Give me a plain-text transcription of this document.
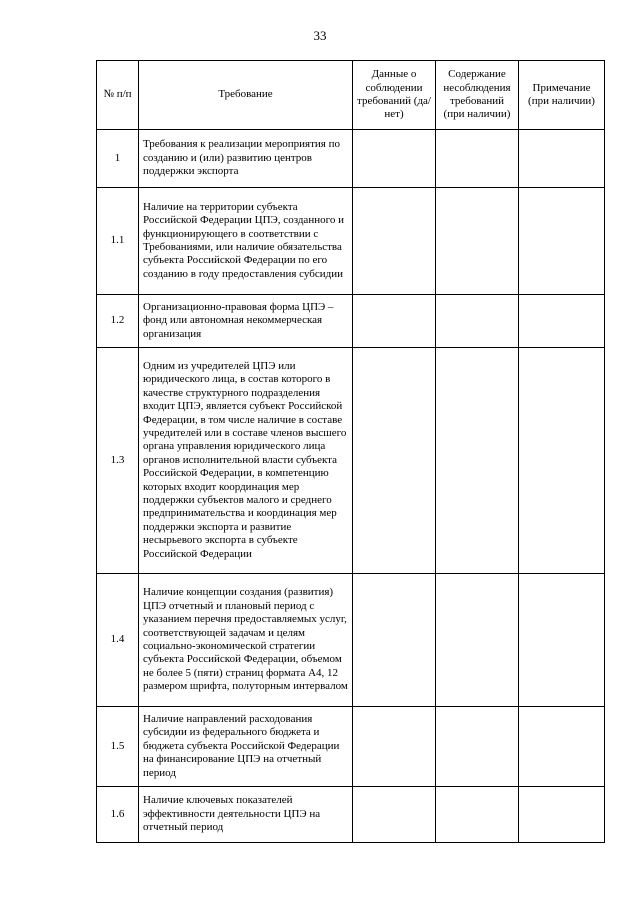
33
№ п/п	Требование	Данные о соблюдении требований (да/нет)	Содержание несоблюдения требований (при наличии)	Примечание (при наличии)
1	Требования к реализации мероприятия по созданию и (или) развитию центров поддержки экспорта			
1.1	Наличие на территории субъекта Российской Федерации ЦПЭ, созданного и функционирующего в соответствии с Требованиями, или наличие обязательства субъекта Российской Федерации по его созданию в году предоставления субсидии			
1.2	Организационно-правовая форма ЦПЭ – фонд или автономная некоммерческая организация			
1.3	Одним из учредителей ЦПЭ или юридического лица, в состав которого в качестве структурного подразделения входит ЦПЭ, является субъект Российской Федерации, в том числе наличие в составе учредителей или в составе членов высшего органа управления юридического лица органов исполнительной власти субъекта Российской Федерации, в компетенцию которых входит координация мер поддержки субъектов малого и среднего предпринимательства и координация мер поддержки экспорта и развитие несырьевого экспорта в субъекте Российской Федерации			
1.4	Наличие концепции создания (развития) ЦПЭ отчетный и плановый период с указанием перечня предоставляемых услуг, соответствующей задачам и целям социально-экономической стратегии субъекта Российской Федерации, объемом не более 5 (пяти) страниц формата А4, 12 размером шрифта, полуторным интервалом			
1.5	Наличие направлений расходования субсидии из федерального бюджета и бюджета субъекта Российской Федерации на финансирование ЦПЭ на отчетный период			
1.6	Наличие ключевых показателей эффективности деятельности ЦПЭ на отчетный период			
